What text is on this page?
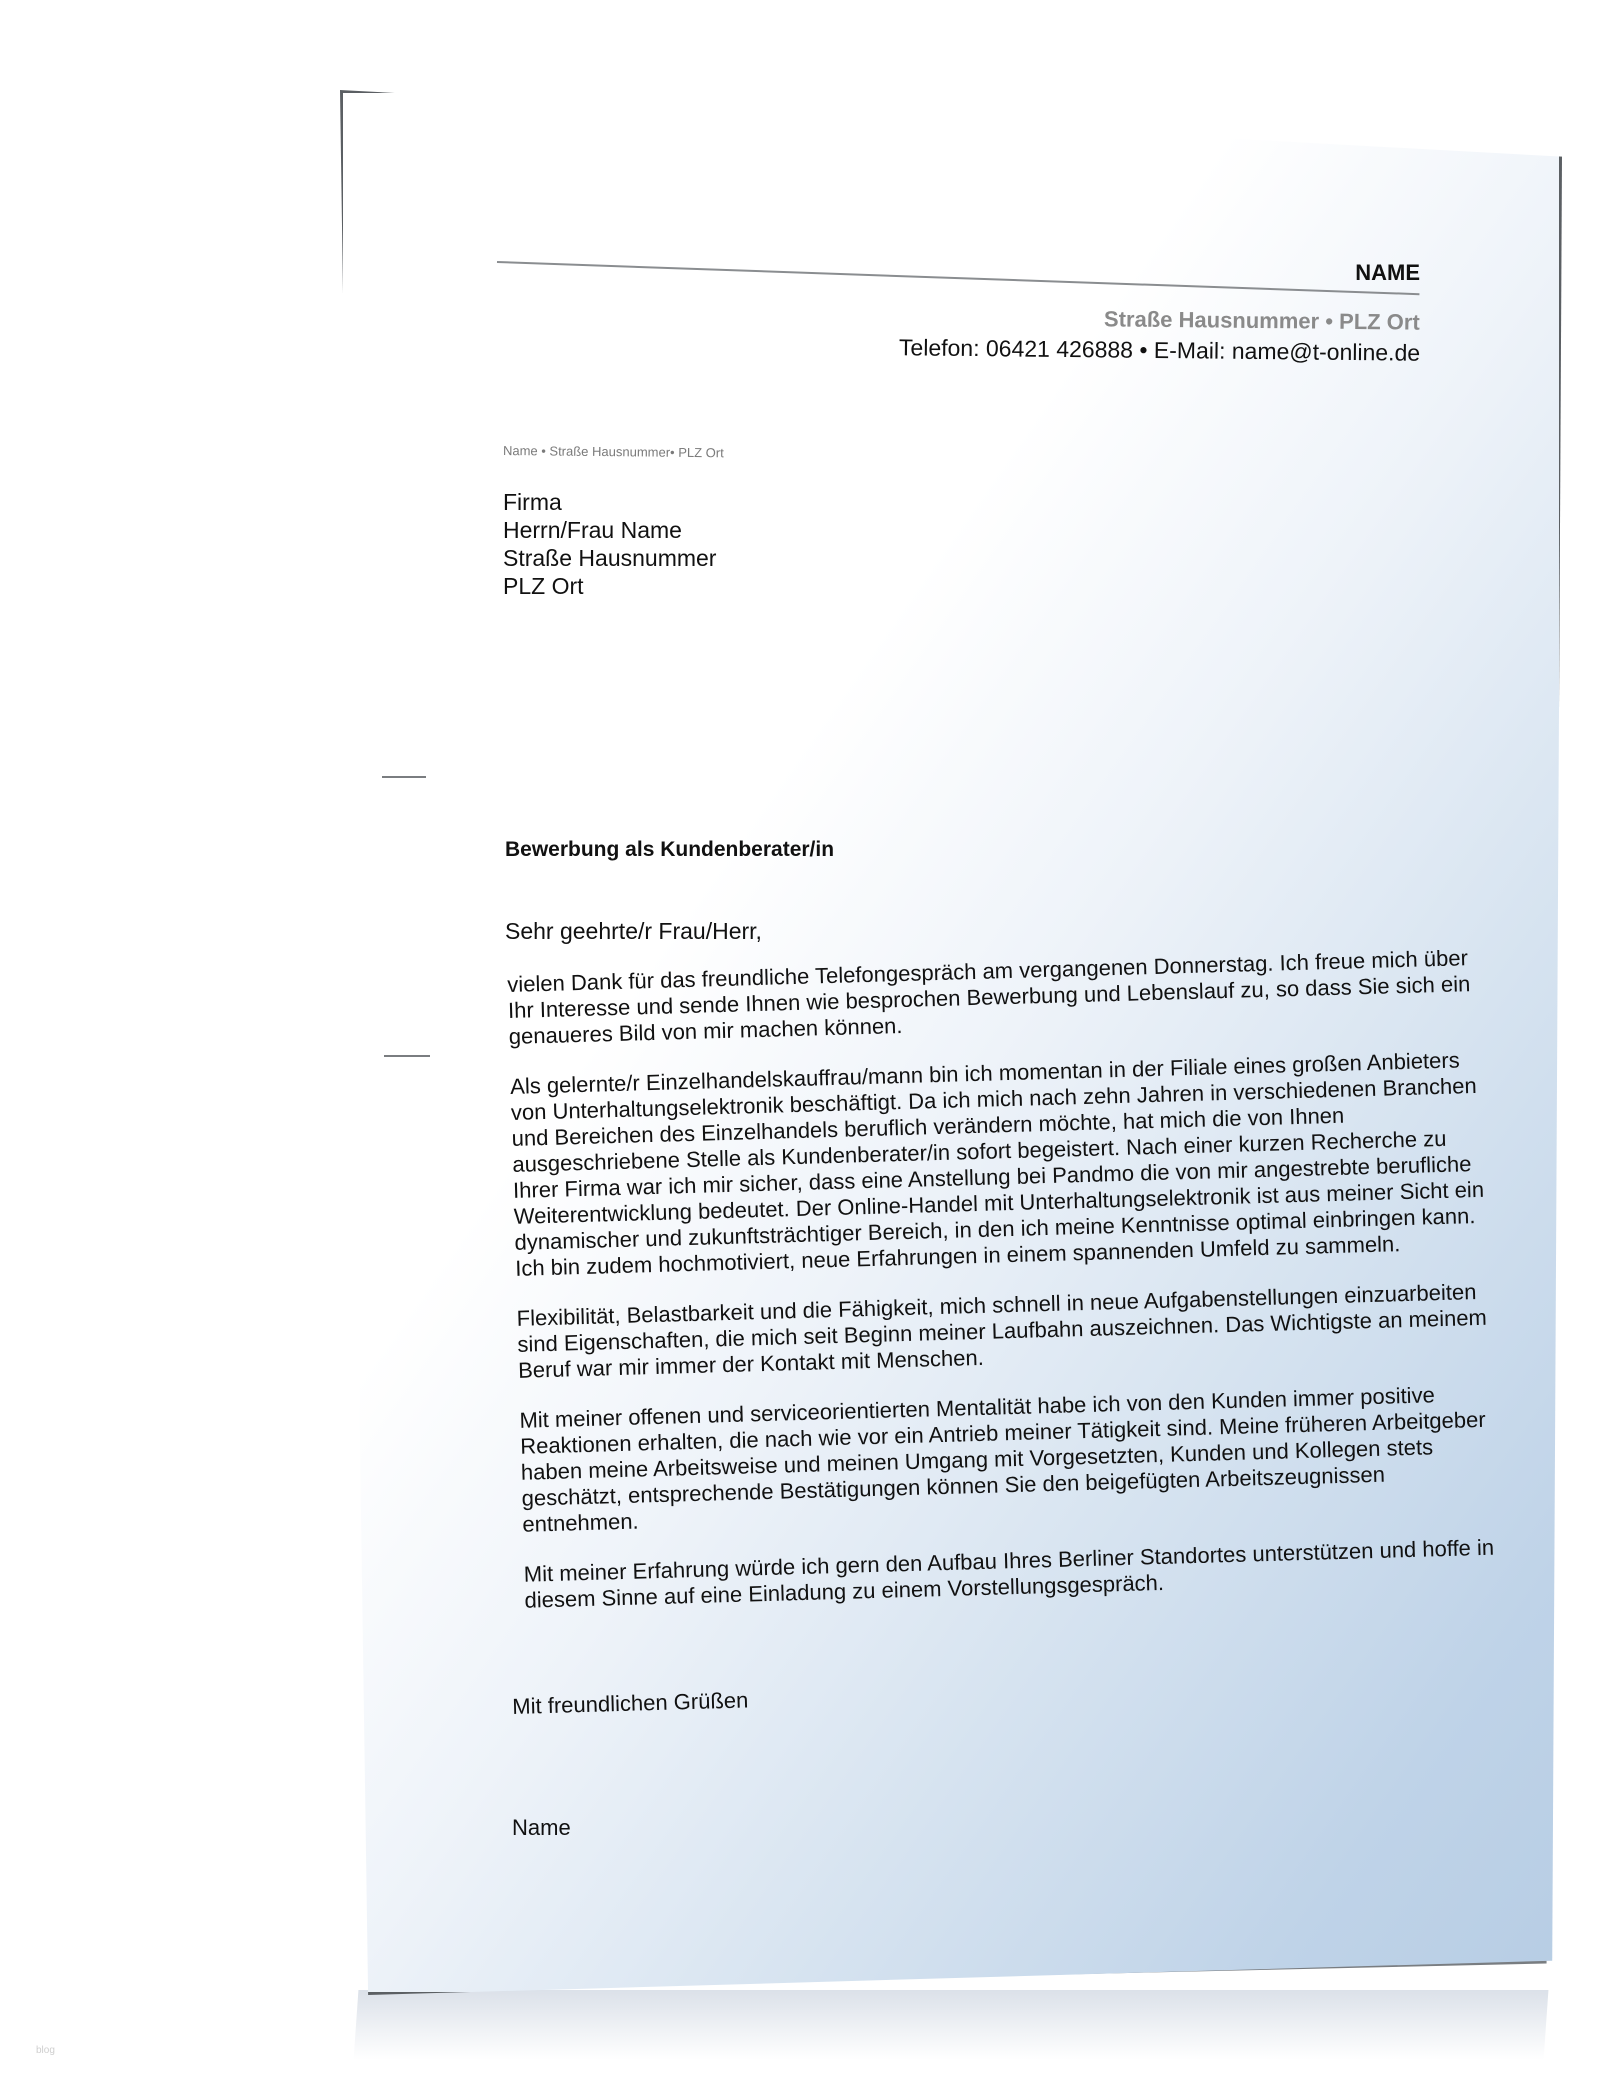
NAME
Straße Hausnummer • PLZ Ort
Telefon: 06421 426888 • E-Mail: name@t-online.de
Name • Straße Hausnummer• PLZ Ort
Firma
Herrn/Frau Name
Straße Hausnummer
PLZ Ort
Bewerbung als Kundenberater/in
Sehr geehrte/r Frau/Herr,

vielen Dank für das freundliche Telefongespräch am vergangenen Donnerstag. Ich freue mich über Ihr Interesse und sende Ihnen wie besprochen Bewerbung und Lebenslauf zu, so dass Sie sich ein genaueres Bild von mir machen können.

Als gelernte/r Einzelhandelskauffrau/mann bin ich momentan in der Filiale eines großen Anbieters von Unterhaltungselektronik beschäftigt. Da ich mich nach zehn Jahren in verschiedenen Branchen und Bereichen des Einzelhandels beruflich verändern möchte, hat mich die von Ihnen ausgeschriebene Stelle als Kundenberater/in sofort begeistert. Nach einer kurzen Recherche zu Ihrer Firma war ich mir sicher, dass eine Anstellung bei Pandmo die von mir angestrebte berufliche Weiterentwicklung bedeutet. Der Online-Handel mit Unterhaltungselektronik ist aus meiner Sicht ein dynamischer und zukunftsträchtiger Bereich, in den ich meine Kenntnisse optimal einbringen kann. Ich bin zudem hochmotiviert, neue Erfahrungen in einem spannenden Umfeld zu sammeln.

Flexibilität, Belastbarkeit und die Fähigkeit, mich schnell in neue Aufgabenstellungen einzuarbeiten sind Eigenschaften, die mich seit Beginn meiner Laufbahn auszeichnen. Das Wichtigste an meinem Beruf war mir immer der Kontakt mit Menschen.

Mit meiner offenen und serviceorientierten Mentalität habe ich von den Kunden immer positive Reaktionen erhalten, die nach wie vor ein Antrieb meiner Tätigkeit sind. Meine früheren Arbeitgeber haben meine Arbeitsweise und meinen Umgang mit Vorgesetzten, Kunden und Kollegen stets geschätzt, entsprechende Bestätigungen können Sie den beigefügten Arbeitszeugnissen entnehmen.

Mit meiner Erfahrung würde ich gern den Aufbau Ihres Berliner Standortes unterstützen und hoffe in diesem Sinne auf eine Einladung zu einem Vorstellungsgespräch.

Mit freundlichen Grüßen
Name
blog
